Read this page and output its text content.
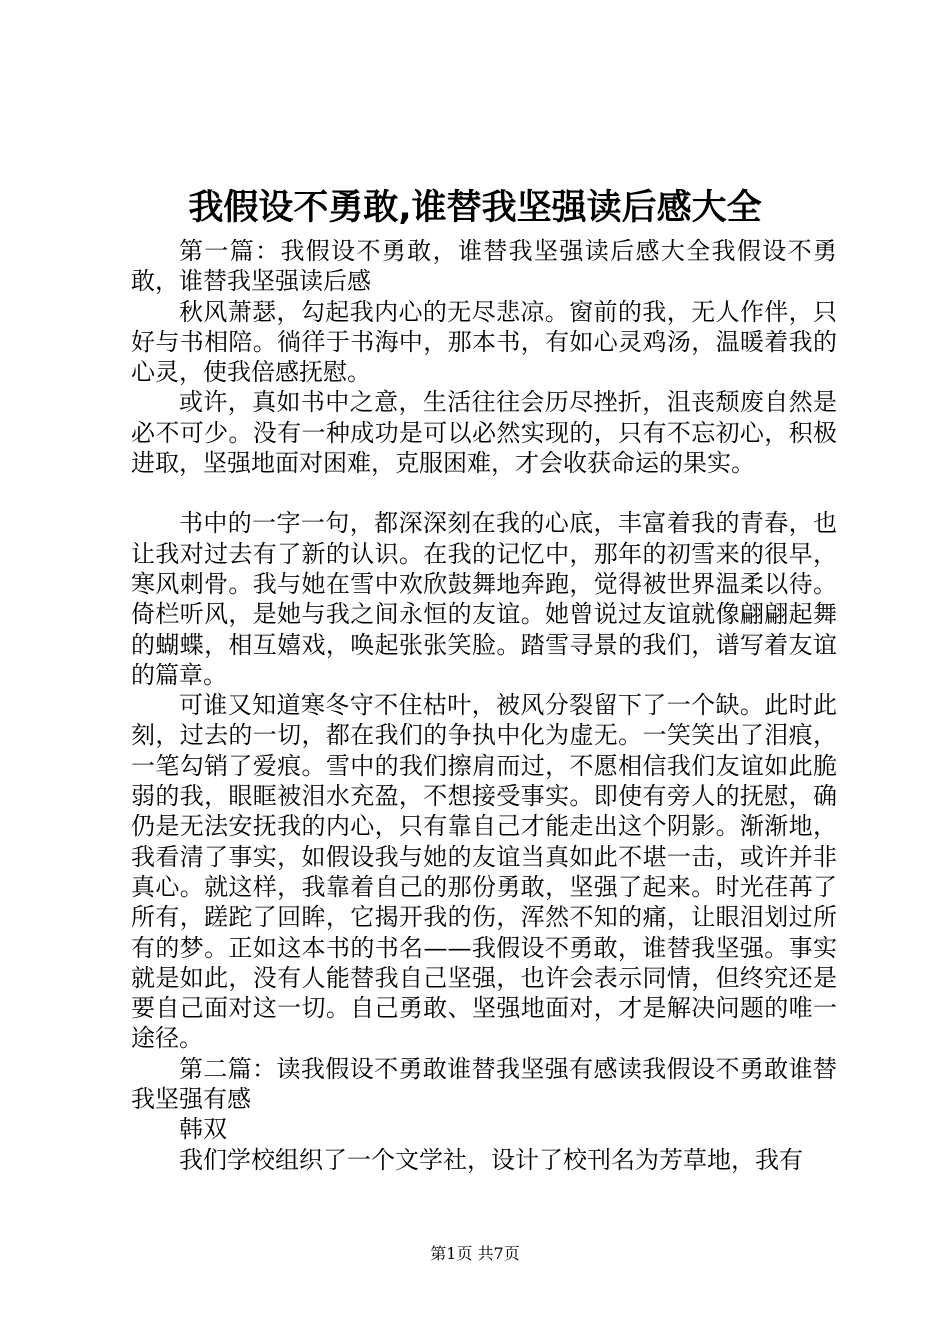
我假设不勇敢,谁替我坚强读后感大全

第一篇：我假设不勇敢，谁替我坚强读后感大全我假设不勇敢，谁替我坚强读后感

秋风萧瑟，勾起我内心的无尽悲凉。窗前的我，无人作伴，只好与书相陪。徜徉于书海中，那本书，有如心灵鸡汤，温暖着我的心灵，使我倍感抚慰。

或许，真如书中之意，生活往往会历尽挫折，沮丧颓废自然是必不可少。没有一种成功是可以必然实现的，只有不忘初心，积极进取，坚强地面对困难，克服困难，才会收获命运的果实。

书中的一字一句，都深深刻在我的心底，丰富着我的青春，也让我对过去有了新的认识。在我的记忆中，那年的初雪来的很早，寒风刺骨。我与她在雪中欢欣鼓舞地奔跑，觉得被世界温柔以待。倚栏听风，是她与我之间永恒的友谊。她曾说过友谊就像翩翩起舞的蝴蝶，相互嬉戏，唤起张张笑脸。踏雪寻景的我们，谱写着友谊的篇章。

可谁又知道寒冬守不住枯叶，被风分裂留下了一个缺。此时此刻，过去的一切，都在我们的争执中化为虚无。一笑笑出了泪痕，一笔勾销了爱痕。雪中的我们擦肩而过，不愿相信我们友谊如此脆弱的我，眼眶被泪水充盈，不想接受事实。即使有旁人的抚慰，确仍是无法安抚我的内心，只有靠自己才能走出这个阴影。渐渐地，我看清了事实，如假设我与她的友谊当真如此不堪一击，或许并非真心。就这样，我靠着自己的那份勇敢，坚强了起来。时光荏苒了所有，蹉跎了回眸，它揭开我的伤，浑然不知的痛，让眼泪划过所有的梦。正如这本书的书名——我假设不勇敢，谁替我坚强。事实就是如此，没有人能替我自己坚强，也许会表示同情，但终究还是要自己面对这一切。自己勇敢、坚强地面对，才是解决问题的唯一途径。

第二篇：读我假设不勇敢谁替我坚强有感读我假设不勇敢谁替我坚强有感

韩双

我们学校组织了一个文学社，设计了校刊名为芳草地，我有

第1页 共7页
